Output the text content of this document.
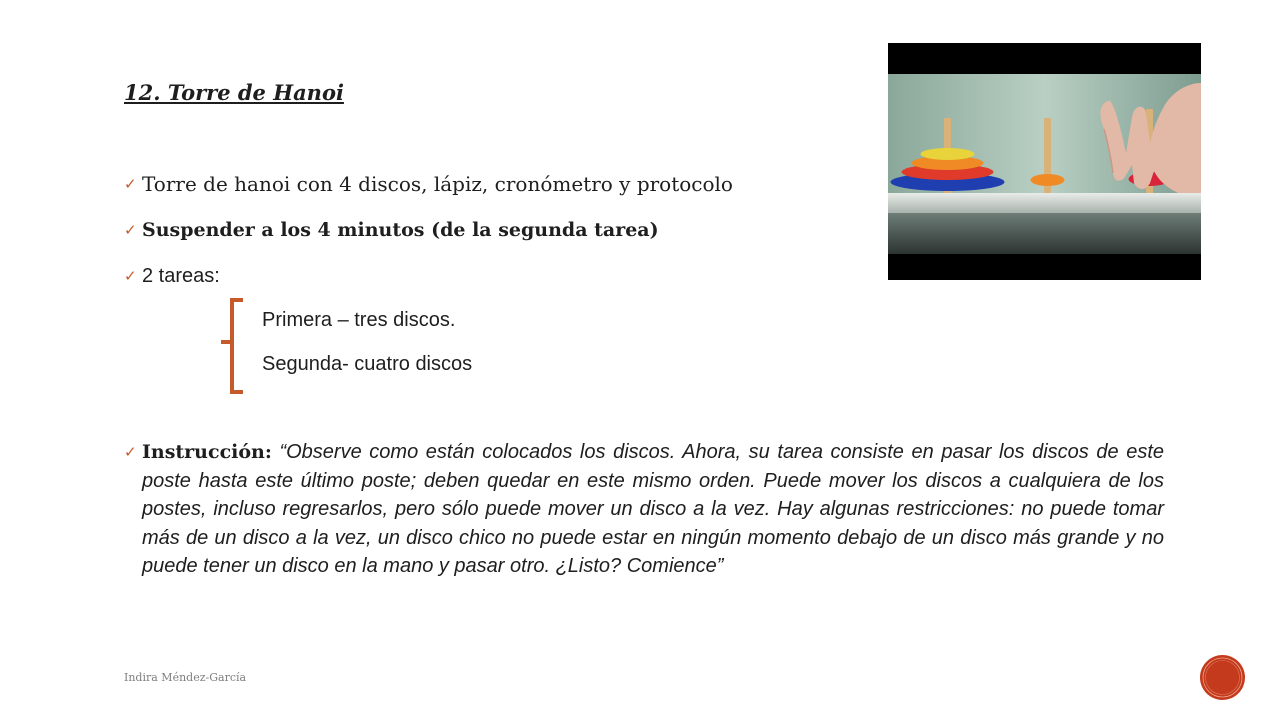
12. Torre de Hanoi
✓ Torre de hanoi con 4 discos, lápiz, cronómetro y protocolo
✓ Suspender a los 4 minutos (de la segunda tarea)
✓ 2 tareas:
Primera – tres discos.
Segunda- cuatro discos
✓ Instrucción: “Observe como están colocados los discos. Ahora, su tarea consiste en pasar los discos de este poste hasta este último poste; deben quedar en este mismo orden. Puede mover los discos a cualquiera de los postes, incluso regresarlos, pero sólo puede mover un disco a la vez. Hay algunas restricciones: no puede tomar más de un disco a la vez, un disco chico no puede estar en ningún momento debajo de un disco más grande y no puede tener un disco en la mano y pasar otro. ¿Listo? Comience”
Indira Méndez-García
